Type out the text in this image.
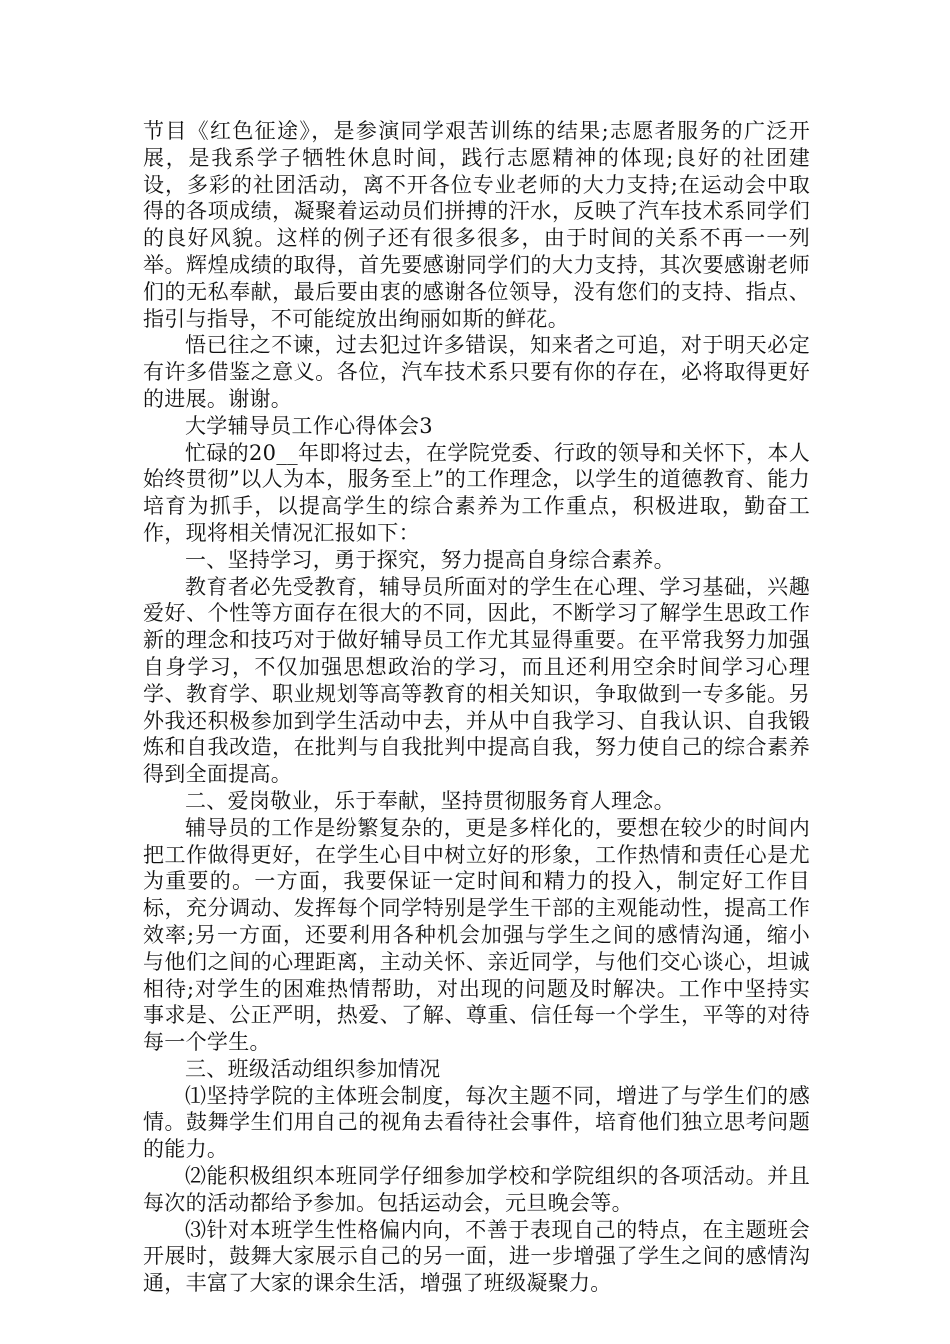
节目《红色征途》，是参演同学艰苦训练的结果;志愿者服务的广泛开展，是我系学子牺牲休息时间，践行志愿精神的体现;良好的社团建设，多彩的社团活动，离不开各位专业老师的大力支持;在运动会中取得的各项成绩，凝聚着运动员们拼搏的汗水，反映了汽车技术系同学们的良好风貌。这样的例子还有很多很多，由于时间的关系不再一一列举。辉煌成绩的取得，首先要感谢同学们的大力支持，其次要感谢老师们的无私奉献，最后要由衷的感谢各位领导，没有您们的支持、指点、指引与指导，不可能绽放出绚丽如斯的鲜花。

悟已往之不谏，过去犯过许多错误，知来者之可追，对于明天必定有许多借鉴之意义。各位，汽车技术系只要有你的存在，必将取得更好的进展。谢谢。

大学辅导员工作心得体会3

忙碌的20__年即将过去，在学院党委、行政的领导和关怀下，本人始终贯彻”以人为本，服务至上”的工作理念，以学生的道德教育、能力培育为抓手，以提高学生的综合素养为工作重点，积极进取，勤奋工作，现将相关情况汇报如下：

一、坚持学习，勇于探究，努力提高自身综合素养。

教育者必先受教育，辅导员所面对的学生在心理、学习基础，兴趣爱好、个性等方面存在很大的不同，因此，不断学习了解学生思政工作新的理念和技巧对于做好辅导员工作尤其显得重要。在平常我努力加强自身学习，不仅加强思想政治的学习，而且还利用空余时间学习心理学、教育学、职业规划等高等教育的相关知识，争取做到一专多能。另外我还积极参加到学生活动中去，并从中自我学习、自我认识、自我锻炼和自我改造，在批判与自我批判中提高自我，努力使自己的综合素养得到全面提高。

二、爱岗敬业，乐于奉献，坚持贯彻服务育人理念。

辅导员的工作是纷繁复杂的，更是多样化的，要想在较少的时间内把工作做得更好，在学生心目中树立好的形象，工作热情和责任心是尤为重要的。一方面，我要保证一定时间和精力的投入，制定好工作目标，充分调动、发挥每个同学特别是学生干部的主观能动性，提高工作效率;另一方面，还要利用各种机会加强与学生之间的感情沟通，缩小与他们之间的心理距离，主动关怀、亲近同学，与他们交心谈心，坦诚相待;对学生的困难热情帮助，对出现的问题及时解决。工作中坚持实事求是、公正严明，热爱、了解、尊重、信任每一个学生，平等的对待每一个学生。

三、班级活动组织参加情况

⑴坚持学院的主体班会制度，每次主题不同，增进了与学生们的感情。鼓舞学生们用自己的视角去看待社会事件，培育他们独立思考问题的能力。

⑵能积极组织本班同学仔细参加学校和学院组织的各项活动。并且每次的活动都给予参加。包括运动会，元旦晚会等。

⑶针对本班学生性格偏内向，不善于表现自己的特点，在主题班会开展时，鼓舞大家展示自己的另一面，进一步增强了学生之间的感情沟通，丰富了大家的课余生活，增强了班级凝聚力。
